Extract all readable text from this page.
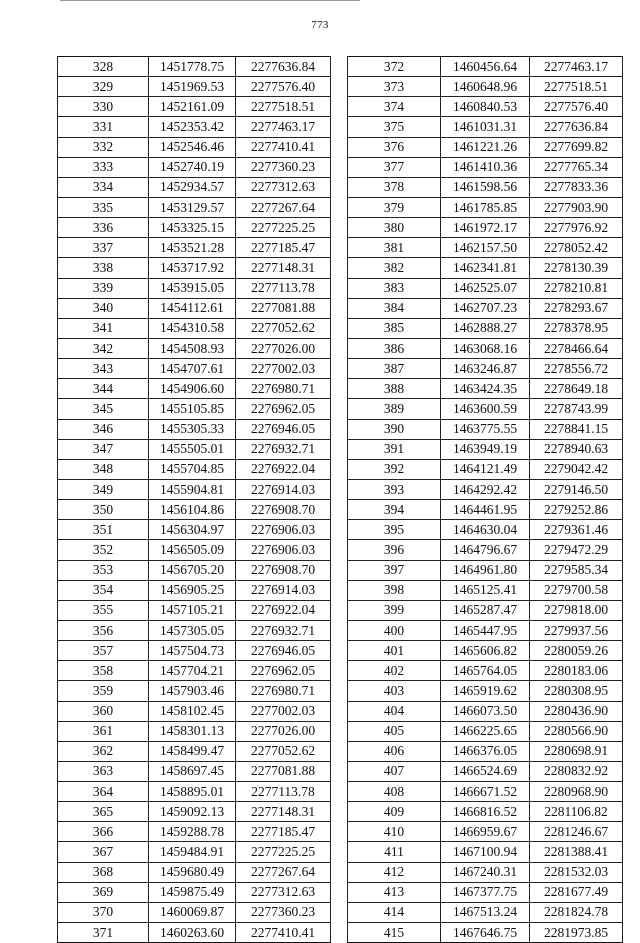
773
328	1451778.75	2277636.84
329	1451969.53	2277576.40
330	1452161.09	2277518.51
331	1452353.42	2277463.17
332	1452546.46	2277410.41
333	1452740.19	2277360.23
334	1452934.57	2277312.63
335	1453129.57	2277267.64
336	1453325.15	2277225.25
337	1453521.28	2277185.47
338	1453717.92	2277148.31
339	1453915.05	2277113.78
340	1454112.61	2277081.88
341	1454310.58	2277052.62
342	1454508.93	2277026.00
343	1454707.61	2277002.03
344	1454906.60	2276980.71
345	1455105.85	2276962.05
346	1455305.33	2276946.05
347	1455505.01	2276932.71
348	1455704.85	2276922.04
349	1455904.81	2276914.03
350	1456104.86	2276908.70
351	1456304.97	2276906.03
352	1456505.09	2276906.03
353	1456705.20	2276908.70
354	1456905.25	2276914.03
355	1457105.21	2276922.04
356	1457305.05	2276932.71
357	1457504.73	2276946.05
358	1457704.21	2276962.05
359	1457903.46	2276980.71
360	1458102.45	2277002.03
361	1458301.13	2277026.00
362	1458499.47	2277052.62
363	1458697.45	2277081.88
364	1458895.01	2277113.78
365	1459092.13	2277148.31
366	1459288.78	2277185.47
367	1459484.91	2277225.25
368	1459680.49	2277267.64
369	1459875.49	2277312.63
370	1460069.87	2277360.23
371	1460263.60	2277410.41
372	1460456.64	2277463.17
373	1460648.96	2277518.51
374	1460840.53	2277576.40
375	1461031.31	2277636.84
376	1461221.26	2277699.82
377	1461410.36	2277765.34
378	1461598.56	2277833.36
379	1461785.85	2277903.90
380	1461972.17	2277976.92
381	1462157.50	2278052.42
382	1462341.81	2278130.39
383	1462525.07	2278210.81
384	1462707.23	2278293.67
385	1462888.27	2278378.95
386	1463068.16	2278466.64
387	1463246.87	2278556.72
388	1463424.35	2278649.18
389	1463600.59	2278743.99
390	1463775.55	2278841.15
391	1463949.19	2278940.63
392	1464121.49	2279042.42
393	1464292.42	2279146.50
394	1464461.95	2279252.86
395	1464630.04	2279361.46
396	1464796.67	2279472.29
397	1464961.80	2279585.34
398	1465125.41	2279700.58
399	1465287.47	2279818.00
400	1465447.95	2279937.56
401	1465606.82	2280059.26
402	1465764.05	2280183.06
403	1465919.62	2280308.95
404	1466073.50	2280436.90
405	1466225.65	2280566.90
406	1466376.05	2280698.91
407	1466524.69	2280832.92
408	1466671.52	2280968.90
409	1466816.52	2281106.82
410	1466959.67	2281246.67
411	1467100.94	2281388.41
412	1467240.31	2281532.03
413	1467377.75	2281677.49
414	1467513.24	2281824.78
415	1467646.75	2281973.85
